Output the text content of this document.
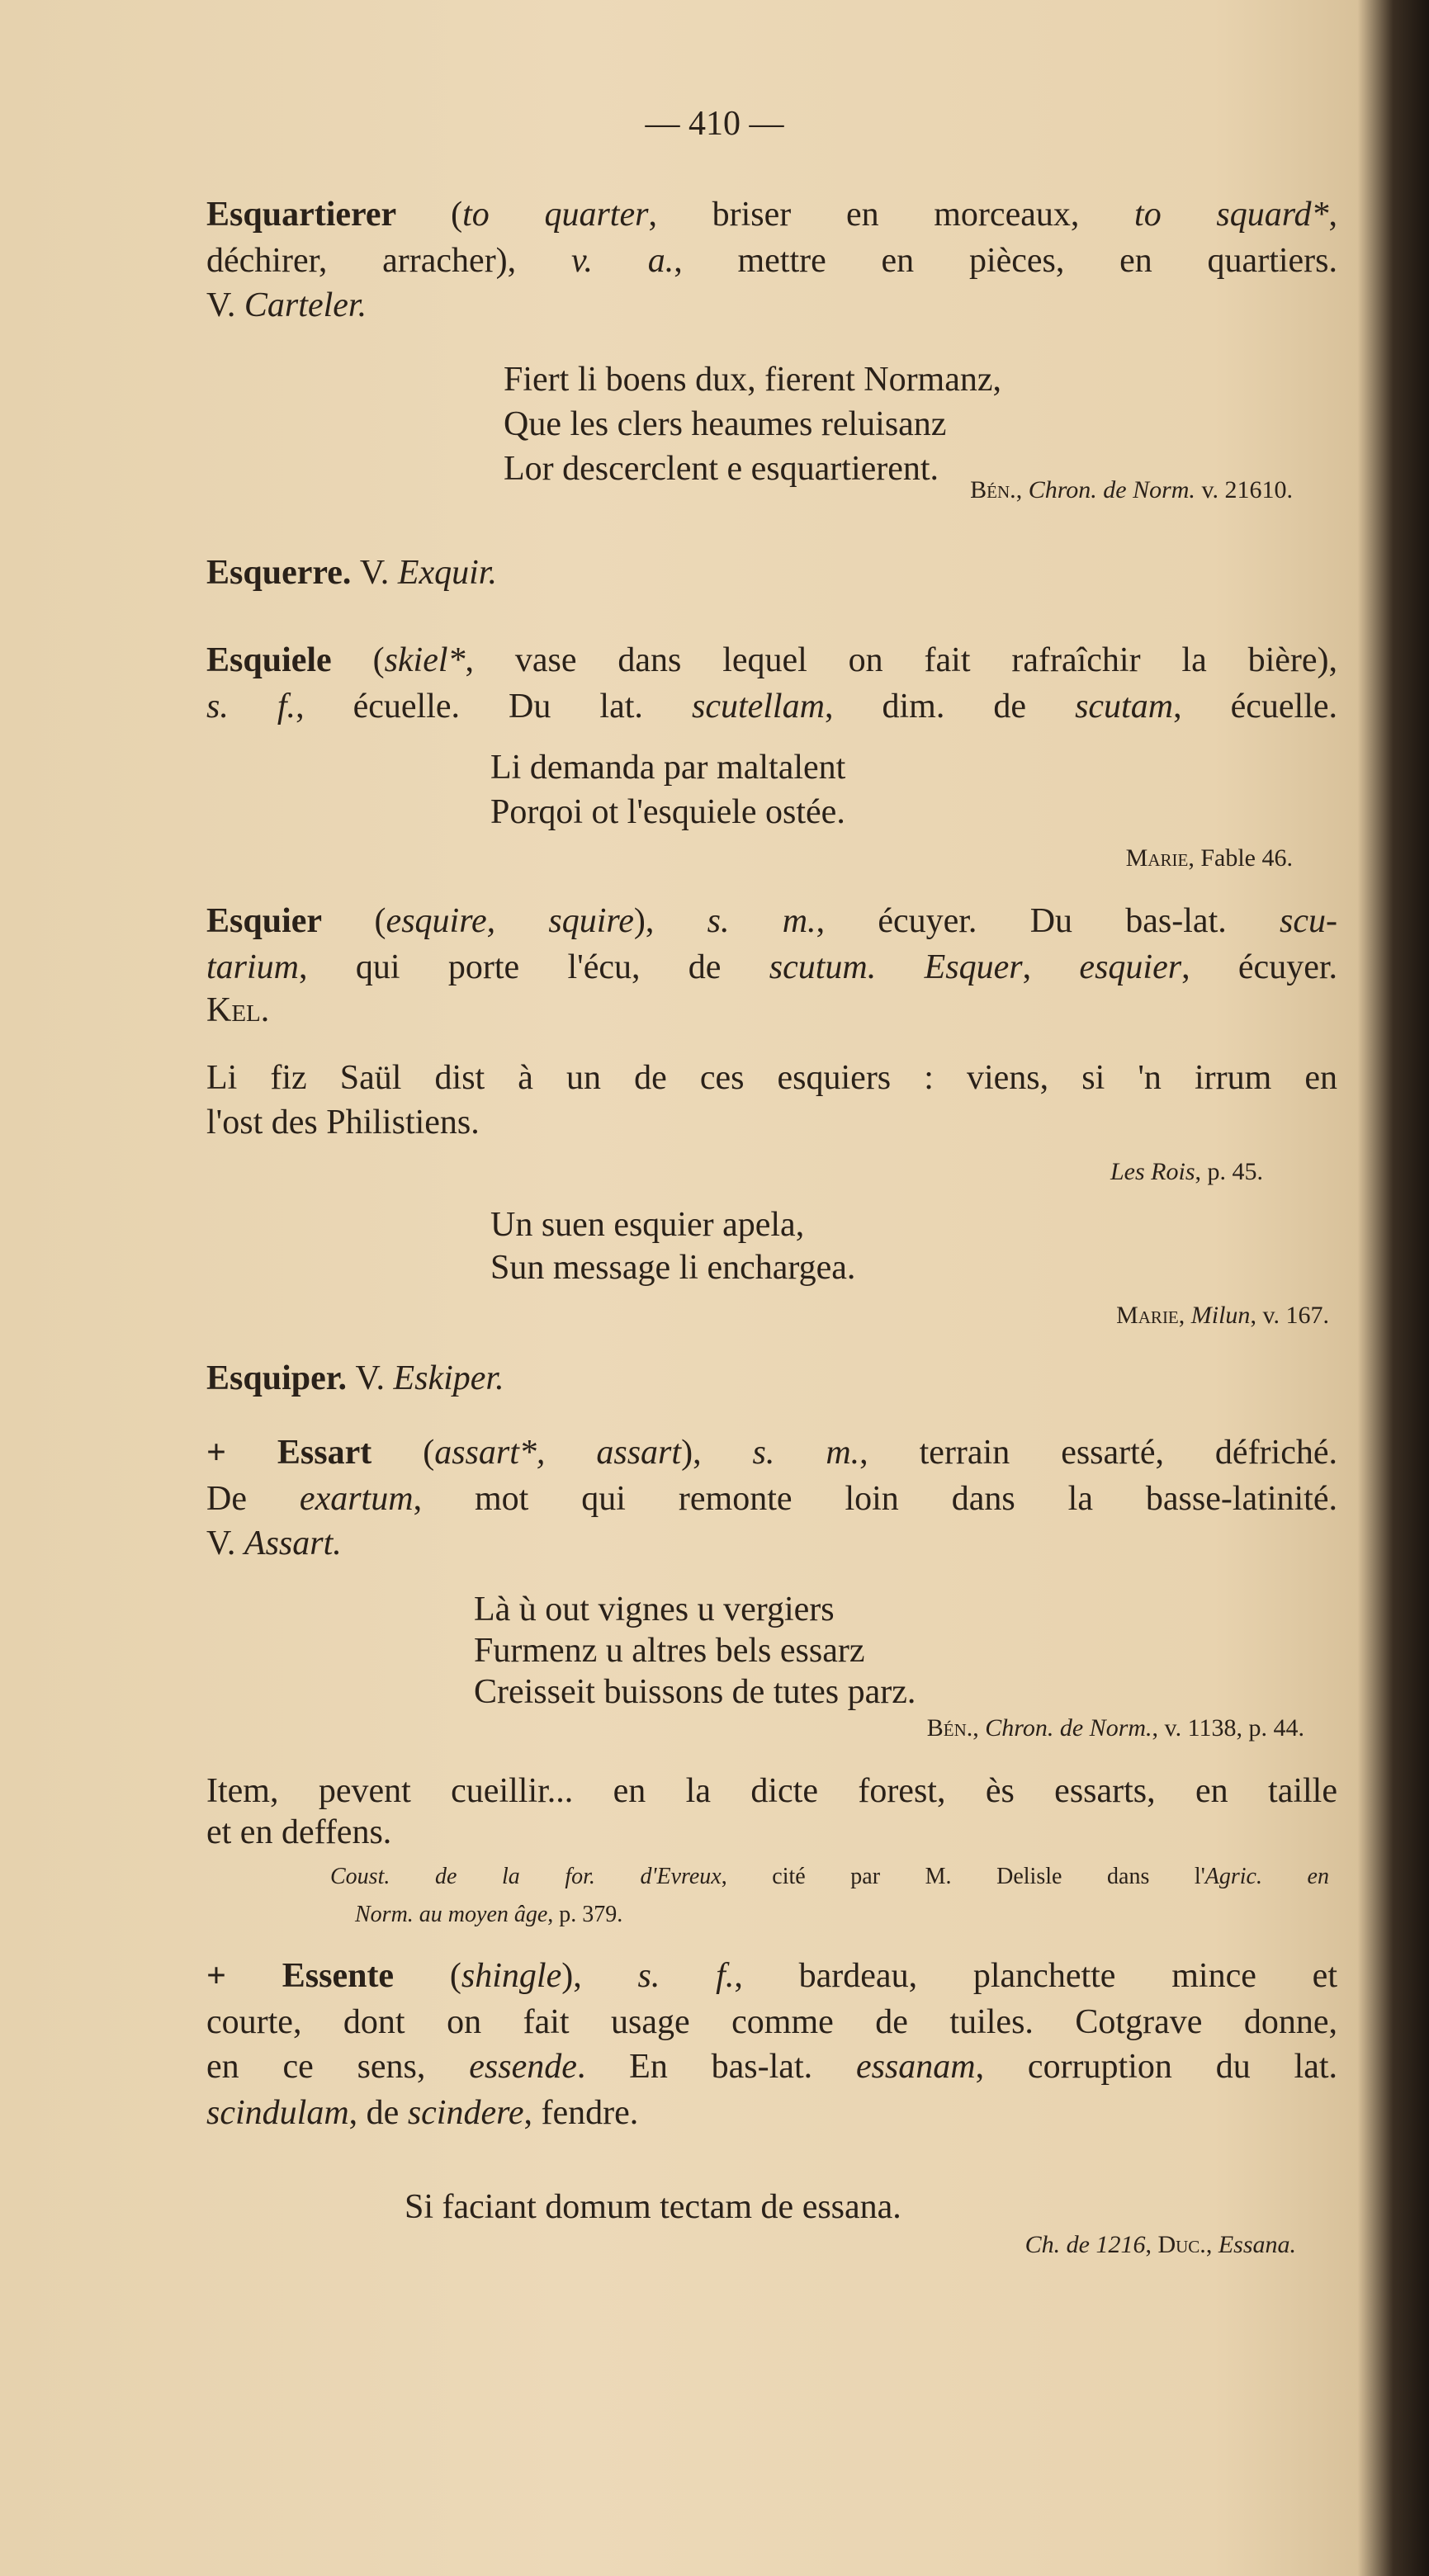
— 410 —
Esquartierer (to quarter, briser en morceaux, to squard*,
déchirer, arracher), v. a., mettre en pièces, en quartiers.
V. Carteler.
Fiert li boens dux, fierent Normanz,
Que les clers heaumes reluisanz
Lor descerclent e esquartierent.
Bén., Chron. de Norm. v. 21610.
Esquerre. V. Exquir.
Esquiele (skiel*, vase dans lequel on fait rafraîchir la bière),
s. f., écuelle. Du lat. scutellam, dim. de scutam, écuelle.
Li demanda par maltalent
Porqoi ot l'esquiele ostée.
Marie, Fable 46.
Esquier (esquire, squire), s. m., écuyer. Du bas-lat. scu-
tarium, qui porte l'écu, de scutum. Esquer, esquier, écuyer.
Kel.
Li fiz Saül dist à un de ces esquiers : viens, si 'n irrum en
l'ost des Philistiens.
Les Rois, p. 45.
Un suen esquier apela,
Sun message li enchargea.
Marie, Milun, v. 167.
Esquiper. V. Eskiper.
+ Essart (assart*, assart), s. m., terrain essarté, défriché.
De exartum, mot qui remonte loin dans la basse-latinité.
V. Assart.
Là ù out vignes u vergiers
Furmenz u altres bels essarz
Creisseit buissons de tutes parz.
Bén., Chron. de Norm., v. 1138, p. 44.
Item, pevent cueillir... en la dicte forest, ès essarts, en taille
et en deffens.
Coust. de la for. d'Evreux, cité par M. Delisle dans l'Agric. en
Norm. au moyen âge, p. 379.
+ Essente (shingle), s. f., bardeau, planchette mince et
courte, dont on fait usage comme de tuiles. Cotgrave donne,
en ce sens, essende. En bas-lat. essanam, corruption du lat.
scindulam, de scindere, fendre.
Si faciant domum tectam de essana.
Ch. de 1216, Duc., Essana.
